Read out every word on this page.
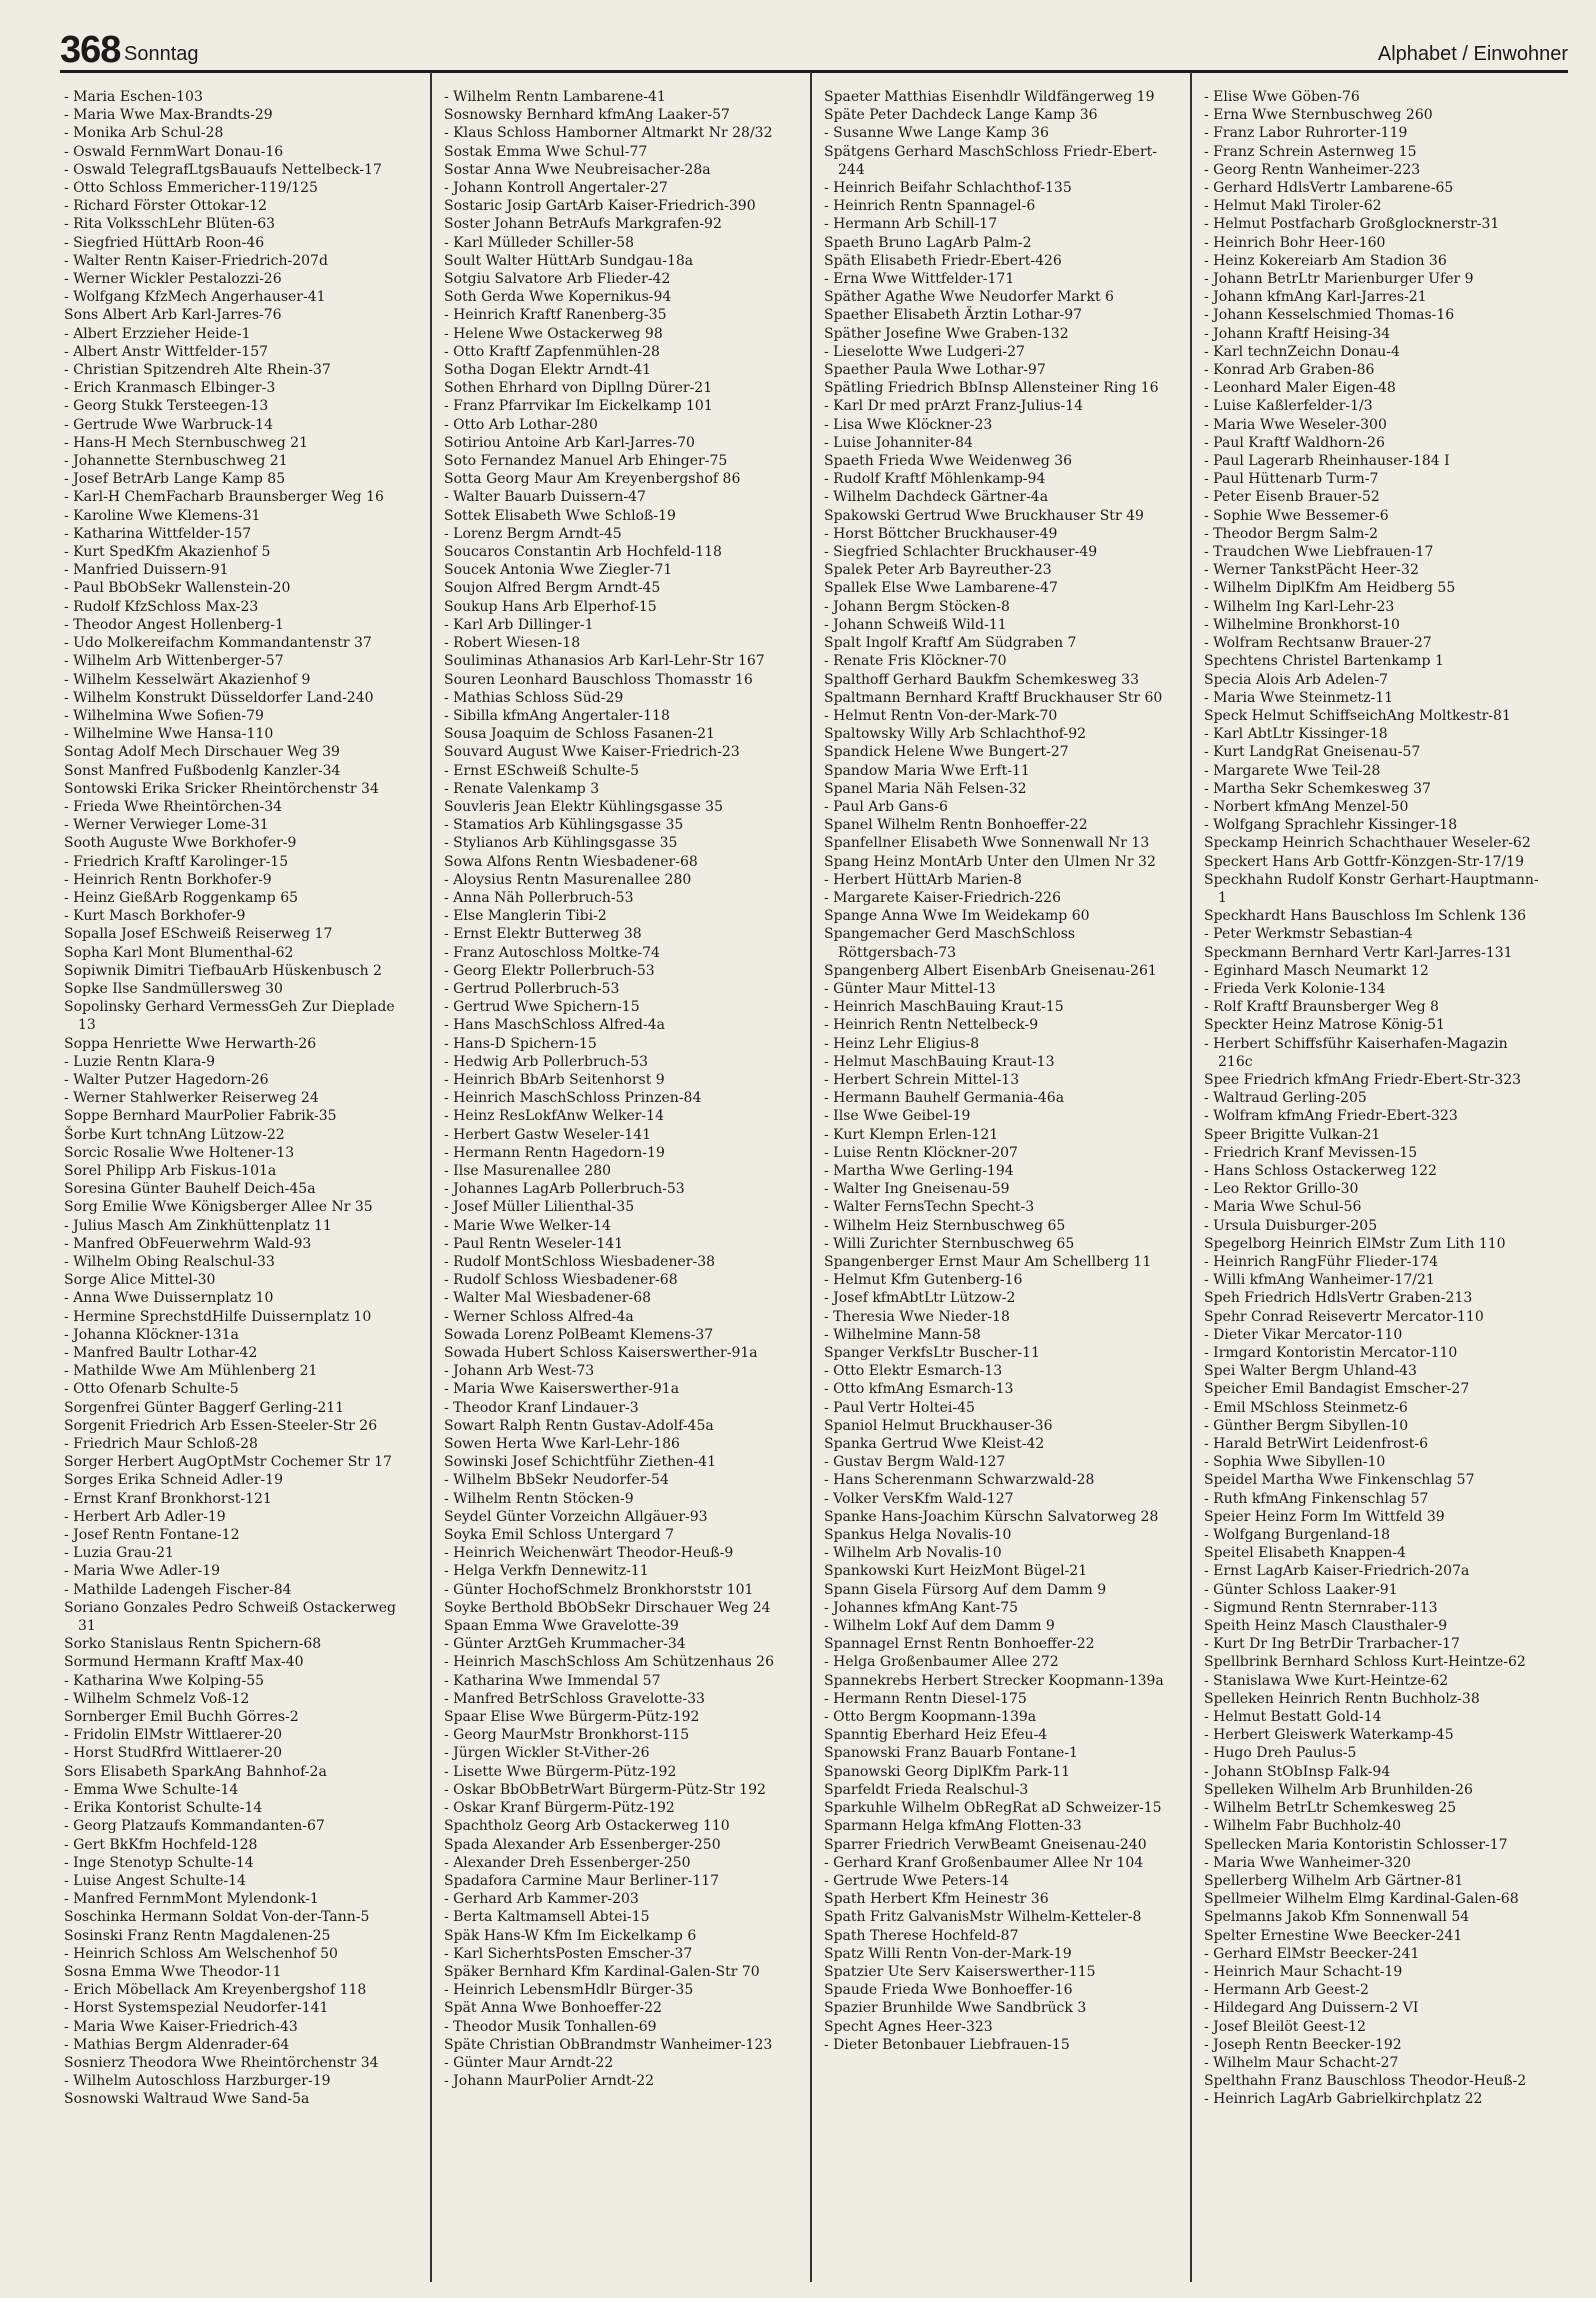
368 Sonntag	Alphabet / Einwohner
- Maria Eschen-103
- Maria Wwe Max-Brandts-29
- Monika Arb Schul-28
- Oswald FernmWart Donau-16
- Oswald TelegrafLtgsBauaufs Nettelbeck-17
- Otto Schloss Emmericher-119/125
- Richard Förster Ottokar-12
- Rita VolksschLehr Blüten-63
- Siegfried HüttArb Roon-46
- Walter Rentn Kaiser-Friedrich-207d
- Werner Wickler Pestalozzi-26
- Wolfgang KfzMech Angerhauser-41
Sons Albert Arb Karl-Jarres-76
- Albert Erzzieher Heide-1
- Albert Anstr Wittfelder-157
- Christian Spitzendreh Alte Rhein-37
- Erich Kranmasch Elbinger-3
- Georg Stukk Tersteegen-13
- Gertrude Wwe Warbruck-14
- Hans-H Mech Sternbuschweg 21
- Johannette Sternbuschweg 21
- Josef BetrArb Lange Kamp 85
- Karl-H ChemFacharb Braunsberger Weg 16
- Karoline Wwe Klemens-31
- Katharina Wittfelder-157
- Kurt SpedKfm Akazienhof 5
- Manfried Duissern-91
- Paul BbObSekr Wallenstein-20
- Rudolf KfzSchloss Max-23
- Theodor Angest Hollenberg-1
- Udo Molkereifachm Kommandantenstr 37
- Wilhelm Arb Wittenberger-57
- Wilhelm Kesselwärt Akazienhof 9
- Wilhelm Konstrukt Düsseldorfer Land-240
- Wilhelmina Wwe Sofien-79
- Wilhelmine Wwe Hansa-110
Sontag Adolf Mech Dirschauer Weg 39
Sonst Manfred Fußbodenlg Kanzler-34
Sontowski Erika Sricker Rheintörchenstr 34
- Frieda Wwe Rheintörchen-34
- Werner Verwieger Lome-31
Sooth Auguste Wwe Borkhofer-9
- Friedrich Kraftf Karolinger-15
- Heinrich Rentn Borkhofer-9
- Heinz GießArb Roggenkamp 65
- Kurt Masch Borkhofer-9
Sopalla Josef ESchweiß Reiserweg 17
Sopha Karl Mont Blumenthal-62
Sopiwnik Dimitri TiefbauArb Hüskenbusch 2
Sopke Ilse Sandmüllersweg 30
Sopolinsky Gerhard VermessGeh Zur Dieplade 13
Soppa Henriette Wwe Herwarth-26
- Luzie Rentn Klara-9
- Walter Putzer Hagedorn-26
- Werner Stahlwerker Reiserweg 24
Soppe Bernhard MaurPolier Fabrik-35
Šorbe Kurt tchnAng Lützow-22
Sorcic Rosalie Wwe Holtener-13
Sorel Philipp Arb Fiskus-101a
Soresina Günter Bauhelf Deich-45a
Sorg Emilie Wwe Königsberger Allee Nr 35
- Julius Masch Am Zinkhüttenplatz 11
- Manfred ObFeuerwehrm Wald-93
- Wilhelm Obing Realschul-33
Sorge Alice Mittel-30
- Anna Wwe Duissernplatz 10
- Hermine SprechstdHilfe Duissernplatz 10
- Johanna Klöckner-131a
- Manfred Baultr Lothar-42
- Mathilde Wwe Am Mühlenberg 21
- Otto Ofenarb Schulte-5
Sorgenfrei Günter Baggerf Gerling-211
Sorgenit Friedrich Arb Essen-Steeler-Str 26
- Friedrich Maur Schloß-28
Sorger Herbert AugOptMstr Cochemer Str 17
Sorges Erika Schneid Adler-19
- Ernst Kranf Bronkhorst-121
- Herbert Arb Adler-19
- Josef Rentn Fontane-12
- Luzia Grau-21
- Maria Wwe Adler-19
- Mathilde Ladengeh Fischer-84
Soriano Gonzales Pedro Schweiß Ostackerweg 31
Sorko Stanislaus Rentn Spichern-68
Sormund Hermann Kraftf Max-40
- Katharina Wwe Kolping-55
- Wilhelm Schmelz Voß-12
Sornberger Emil Buchh Görres-2
- Fridolin ElMstr Wittlaerer-20
- Horst StudRfrd Wittlaerer-20
Sors Elisabeth SparkAng Bahnhof-2a
- Emma Wwe Schulte-14
- Erika Kontorist Schulte-14
- Georg Platzaufs Kommandanten-67
- Gert BkKfm Hochfeld-128
- Inge Stenotyp Schulte-14
- Luise Angest Schulte-14
- Manfred FernmMont Mylendonk-1
Soschinka Hermann Soldat Von-der-Tann-5
Sosinski Franz Rentn Magdalenen-25
- Heinrich Schloss Am Welschenhof 50
Sosna Emma Wwe Theodor-11
- Erich Möbellack Am Kreyenbergshof 118
- Horst Systemspezial Neudorfer-141
- Maria Wwe Kaiser-Friedrich-43
- Mathias Bergm Aldenrader-64
Sosnierz Theodora Wwe Rheintörchenstr 34
- Wilhelm Autoschloss Harzburger-19
Sosnowski Waltraud Wwe Sand-5a
- Wilhelm Rentn Lambarene-41
Sosnowsky Bernhard kfmAng Laaker-57
- Klaus Schloss Hamborner Altmarkt Nr 28/32
Sostak Emma Wwe Schul-77
Sostar Anna Wwe Neubreisacher-28a
- Johann Kontroll Angertaler-27
Sostaric Josip GartArb Kaiser-Friedrich-390
Soster Johann BetrAufs Markgrafen-92
- Karl Mülleder Schiller-58
Soult Walter HüttArb Sundgau-18a
Sotgiu Salvatore Arb Flieder-42
Soth Gerda Wwe Kopernikus-94
- Heinrich Kraftf Ranenberg-35
- Helene Wwe Ostackerweg 98
- Otto Kraftf Zapfenmühlen-28
Sotha Dogan Elektr Arndt-41
Sothen Ehrhard von Dipllng Dürer-21
- Franz Pfarrvikar Im Eickelkamp 101
- Otto Arb Lothar-280
Sotiriou Antoine Arb Karl-Jarres-70
Soto Fernandez Manuel Arb Ehinger-75
Sotta Georg Maur Am Kreyenbergshof 86
- Walter Bauarb Duissern-47
Sottek Elisabeth Wwe Schloß-19
- Lorenz Bergm Arndt-45
Soucaros Constantin Arb Hochfeld-118
Soucek Antonia Wwe Ziegler-71
Soujon Alfred Bergm Arndt-45
Soukup Hans Arb Elperhof-15
- Karl Arb Dillinger-1
- Robert Wiesen-18
Souliminas Athanasios Arb Karl-Lehr-Str 167
Souren Leonhard Bauschloss Thomasstr 16
- Mathias Schloss Süd-29
- Sibilla kfmAng Angertaler-118
Sousa Joaquim de Schloss Fasanen-21
Souvard August Wwe Kaiser-Friedrich-23
- Ernst ESchweiß Schulte-5
- Renate Valenkamp 3
Souvleris Jean Elektr Kühlingsgasse 35
- Stamatios Arb Kühlingsgasse 35
- Stylianos Arb Kühlingsgasse 35
Sowa Alfons Rentn Wiesbadener-68
- Aloysius Rentn Masurenallee 280
- Anna Näh Pollerbruch-53
- Else Manglerin Tibi-2
- Ernst Elektr Butterweg 38
- Franz Autoschloss Moltke-74
- Georg Elektr Pollerbruch-53
- Gertrud Pollerbruch-53
- Gertrud Wwe Spichern-15
- Hans MaschSchloss Alfred-4a
- Hans-D Spichern-15
- Hedwig Arb Pollerbruch-53
- Heinrich BbArb Seitenhorst 9
- Heinrich MaschSchloss Prinzen-84
- Heinz ResLokfAnw Welker-14
- Herbert Gastw Weseler-141
- Hermann Rentn Hagedorn-19
- Ilse Masurenallee 280
- Johannes LagArb Pollerbruch-53
- Josef Müller Lilienthal-35
- Marie Wwe Welker-14
- Paul Rentn Weseler-141
- Rudolf MontSchloss Wiesbadener-38
- Rudolf Schloss Wiesbadener-68
- Walter Mal Wiesbadener-68
- Werner Schloss Alfred-4a
Sowada Lorenz PolBeamt Klemens-37
Sowada Hubert Schloss Kaiserswerther-91a
- Johann Arb West-73
- Maria Wwe Kaiserswerther-91a
- Theodor Kranf Lindauer-3
Sowart Ralph Rentn Gustav-Adolf-45a
Sowen Herta Wwe Karl-Lehr-186
Sowinski Josef Schichtführ Ziethen-41
- Wilhelm BbSekr Neudorfer-54
- Wilhelm Rentn Stöcken-9
Seydel Günter Vorzeichn Allgäuer-93
Soyka Emil Schloss Untergard 7
- Heinrich Weichenwärt Theodor-Heuß-9
- Helga Verkfn Dennewitz-11
- Günter HochofSchmelz Bronkhorststr 101
Soyke Berthold BbObSekr Dirschauer Weg 24
Spaan Emma Wwe Gravelotte-39
- Günter ArztGeh Krummacher-34
- Heinrich MaschSchloss Am Schützenhaus 26
- Katharina Wwe Immendal 57
- Manfred BetrSchloss Gravelotte-33
Spaar Elise Wwe Bürgerm-Pütz-192
- Georg MaurMstr Bronkhorst-115
- Jürgen Wickler St-Vither-26
- Lisette Wwe Bürgerm-Pütz-192
- Oskar BbObBetrWart Bürgerm-Pütz-Str 192
- Oskar Kranf Bürgerm-Pütz-192
Spachtholz Georg Arb Ostackerweg 110
Spada Alexander Arb Essenberger-250
- Alexander Dreh Essenberger-250
Spadafora Carmine Maur Berliner-117
- Gerhard Arb Kammer-203
- Berta Kaltmamsell Abtei-15
Späk Hans-W Kfm Im Eickelkamp 6
- Karl SicherhtsPosten Emscher-37
Späker Bernhard Kfm Kardinal-Galen-Str 70
- Heinrich LebensmHdlr Bürger-35
Spät Anna Wwe Bonhoeffer-22
- Theodor Musik Tonhallen-69
Späte Christian ObBrandmstr Wanheimer-123
- Günter Maur Arndt-22
- Johann MaurPolier Arndt-22
Spaeter Matthias Eisenhdlr Wildfängerweg 19
Späte Peter Dachdeck Lange Kamp 36
- Susanne Wwe Lange Kamp 36
Spätgens Gerhard MaschSchloss Friedr-Ebert-244
- Heinrich Beifahr Schlachthof-135
- Heinrich Rentn Spannagel-6
- Hermann Arb Schill-17
Spaeth Bruno LagArb Palm-2
Späth Elisabeth Friedr-Ebert-426
- Erna Wwe Wittfelder-171
Späther Agathe Wwe Neudorfer Markt 6
Spaether Elisabeth Ärztin Lothar-97
Späther Josefine Wwe Graben-132
- Lieselotte Wwe Ludgeri-27
Spaether Paula Wwe Lothar-97
Spätling Friedrich BbInsp Allensteiner Ring 16
- Karl Dr med prArzt Franz-Julius-14
- Lisa Wwe Klöckner-23
- Luise Johanniter-84
Spaeth Frieda Wwe Weidenweg 36
- Rudolf Kraftf Möhlenkamp-94
- Wilhelm Dachdeck Gärtner-4a
Spakowski Gertrud Wwe Bruckhauser Str 49
- Horst Böttcher Bruckhauser-49
- Siegfried Schlachter Bruckhauser-49
Spalek Peter Arb Bayreuther-23
Spallek Else Wwe Lambarene-47
- Johann Bergm Stöcken-8
- Johann Schweiß Wild-11
Spalt Ingolf Kraftf Am Südgraben 7
- Renate Fris Klöckner-70
Spalthoff Gerhard Baukfm Schemkesweg 33
Spaltmann Bernhard Kraftf Bruckhauser Str 60
- Helmut Rentn Von-der-Mark-70
Spaltowsky Willy Arb Schlachthof-92
Spandick Helene Wwe Bungert-27
Spandow Maria Wwe Erft-11
Spanel Maria Näh Felsen-32
- Paul Arb Gans-6
Spanel Wilhelm Rentn Bonhoeffer-22
Spanfellner Elisabeth Wwe Sonnenwall Nr 13
Spang Heinz MontArb Unter den Ulmen Nr 32
- Herbert HüttArb Marien-8
- Margarete Kaiser-Friedrich-226
Spange Anna Wwe Im Weidekamp 60
Spangemacher Gerd MaschSchloss Röttgersbach-73
Spangenberg Albert EisenbArb Gneisenau-261
- Günter Maur Mittel-13
- Heinrich MaschBauing Kraut-15
- Heinrich Rentn Nettelbeck-9
- Heinz Lehr Eligius-8
- Helmut MaschBauing Kraut-13
- Herbert Schrein Mittel-13
- Hermann Bauhelf Germania-46a
- Ilse Wwe Geibel-19
- Kurt Klempn Erlen-121
- Luise Rentn Klöckner-207
- Martha Wwe Gerling-194
- Walter Ing Gneisenau-59
- Walter FernsTechn Specht-3
- Wilhelm Heiz Sternbuschweg 65
- Willi Zurichter Sternbuschweg 65
Spangenberger Ernst Maur Am Schellberg 11
- Helmut Kfm Gutenberg-16
- Josef kfmAbtLtr Lützow-2
- Theresia Wwe Nieder-18
- Wilhelmine Mann-58
Spanger VerkfsLtr Buscher-11
- Otto Elektr Esmarch-13
- Otto kfmAng Esmarch-13
- Paul Vertr Holtei-45
Spaniol Helmut Bruckhauser-36
Spanka Gertrud Wwe Kleist-42
- Gustav Bergm Wald-127
- Hans Scherenmann Schwarzwald-28
- Volker VersKfm Wald-127
Spanke Hans-Joachim Kürschn Salvatorweg 28
Spankus Helga Novalis-10
- Wilhelm Arb Novalis-10
Spankowski Kurt HeizMont Bügel-21
Spann Gisela Fürsorg Auf dem Damm 9
- Johannes kfmAng Kant-75
- Wilhelm Lokf Auf dem Damm 9
Spannagel Ernst Rentn Bonhoeffer-22
- Helga Großenbaumer Allee 272
Spannekrebs Herbert Strecker Koopmann-139a
- Hermann Rentn Diesel-175
- Otto Bergm Koopmann-139a
Spanntig Eberhard Heiz Efeu-4
Spanowski Franz Bauarb Fontane-1
Spanowski Georg DiplKfm Park-11
Sparfeldt Frieda Realschul-3
Sparkuhle Wilhelm ObRegRat aD Schweizer-15
Sparmann Helga kfmAng Flotten-33
Sparrer Friedrich VerwBeamt Gneisenau-240
- Gerhard Kranf Großenbaumer Allee Nr 104
- Gertrude Wwe Peters-14
Spath Herbert Kfm Heinestr 36
Spath Fritz GalvanisMstr Wilhelm-Ketteler-8
Spath Therese Hochfeld-87
Spatz Willi Rentn Von-der-Mark-19
Spatzier Ute Serv Kaiserswerther-115
Spaude Frieda Wwe Bonhoeffer-16
Spazier Brunhilde Wwe Sandbrück 3
Specht Agnes Heer-323
- Dieter Betonbauer Liebfrauen-15
- Elise Wwe Göben-76
- Erna Wwe Sternbuschweg 260
- Franz Labor Ruhrorter-119
- Franz Schrein Asternweg 15
- Georg Rentn Wanheimer-223
- Gerhard HdlsVertr Lambarene-65
- Helmut Makl Tiroler-62
- Helmut Postfacharb Großglocknerstr-31
- Heinrich Bohr Heer-160
- Heinz Kokereiarb Am Stadion 36
- Johann BetrLtr Marienburger Ufer 9
- Johann kfmAng Karl-Jarres-21
- Johann Kesselschmied Thomas-16
- Johann Kraftf Heising-34
- Karl technZeichn Donau-4
- Konrad Arb Graben-86
- Leonhard Maler Eigen-48
- Luise Kaßlerfelder-1/3
- Maria Wwe Weseler-300
- Paul Kraftf Waldhorn-26
- Paul Lagerarb Rheinhauser-184 I
- Paul Hüttenarb Turm-7
- Peter Eisenb Brauer-52
- Sophie Wwe Bessemer-6
- Theodor Bergm Salm-2
- Traudchen Wwe Liebfrauen-17
- Werner TankstPächt Heer-32
- Wilhelm DiplKfm Am Heidberg 55
- Wilhelm Ing Karl-Lehr-23
- Wilhelmine Bronkhorst-10
- Wolfram Rechtsanw Brauer-27
Spechtens Christel Bartenkamp 1
Specia Alois Arb Adelen-7
- Maria Wwe Steinmetz-11
Speck Helmut SchiffseichAng Moltkestr-81
- Karl AbtLtr Kissinger-18
- Kurt LandgRat Gneisenau-57
- Margarete Wwe Teil-28
- Martha Sekr Schemkesweg 37
- Norbert kfmAng Menzel-50
- Wolfgang Sprachlehr Kissinger-18
Speckamp Heinrich Schachthauer Weseler-62
Speckert Hans Arb Gottfr-Könzgen-Str-17/19
Speckhahn Rudolf Konstr Gerhart-Hauptmann-1
Speckhardt Hans Bauschloss Im Schlenk 136
- Peter Werkmstr Sebastian-4
Speckmann Bernhard Vertr Karl-Jarres-131
- Eginhard Masch Neumarkt 12
- Frieda Verk Kolonie-134
- Rolf Kraftf Braunsberger Weg 8
Speckter Heinz Matrose König-51
- Herbert Schiffsführ Kaiserhafen-Magazin 216c
Spee Friedrich kfmAng Friedr-Ebert-Str-323
- Waltraud Gerling-205
- Wolfram kfmAng Friedr-Ebert-323
Speer Brigitte Vulkan-21
- Friedrich Kranf Mevissen-15
- Hans Schloss Ostackerweg 122
- Leo Rektor Grillo-30
- Maria Wwe Schul-56
- Ursula Duisburger-205
Spegelborg Heinrich ElMstr Zum Lith 110
- Heinrich RangFühr Flieder-174
- Willi kfmAng Wanheimer-17/21
Speh Friedrich HdlsVertr Graben-213
Spehr Conrad Reisevertr Mercator-110
- Dieter Vikar Mercator-110
- Irmgard Kontoristin Mercator-110
Spei Walter Bergm Uhland-43
Speicher Emil Bandagist Emscher-27
- Emil MSchloss Steinmetz-6
- Günther Bergm Sibyllen-10
- Harald BetrWirt Leidenfrost-6
- Sophia Wwe Sibyllen-10
Speidel Martha Wwe Finkenschlag 57
- Ruth kfmAng Finkenschlag 57
Speier Heinz Form Im Wittfeld 39
- Wolfgang Burgenland-18
Speitel Elisabeth Knappen-4
- Ernst LagArb Kaiser-Friedrich-207a
- Günter Schloss Laaker-91
- Sigmund Rentn Sternraber-113
Speith Heinz Masch Clausthaler-9
- Kurt Dr Ing BetrDir Trarbacher-17
Spellbrink Bernhard Schloss Kurt-Heintze-62
- Stanislawa Wwe Kurt-Heintze-62
Spelleken Heinrich Rentn Buchholz-38
- Helmut Bestatt Gold-14
- Herbert Gleiswerk Waterkamp-45
- Hugo Dreh Paulus-5
- Johann StObInsp Falk-94
Spelleken Wilhelm Arb Brunhilden-26
- Wilhelm BetrLtr Schemkesweg 25
- Wilhelm Fabr Buchholz-40
Spellecken Maria Kontoristin Schlosser-17
- Maria Wwe Wanheimer-320
Spellerberg Wilhelm Arb Gärtner-81
Spellmeier Wilhelm Elmg Kardinal-Galen-68
Spelmanns Jakob Kfm Sonnenwall 54
Spelter Ernestine Wwe Beecker-241
- Gerhard ElMstr Beecker-241
- Heinrich Maur Schacht-19
- Hermann Arb Geest-2
- Hildegard Ang Duissern-2 VI
- Josef Bleilöt Geest-12
- Joseph Rentn Beecker-192
- Wilhelm Maur Schacht-27
Spelthahn Franz Bauschloss Theodor-Heuß-2
- Heinrich LagArb Gabrielkirchplatz 22
